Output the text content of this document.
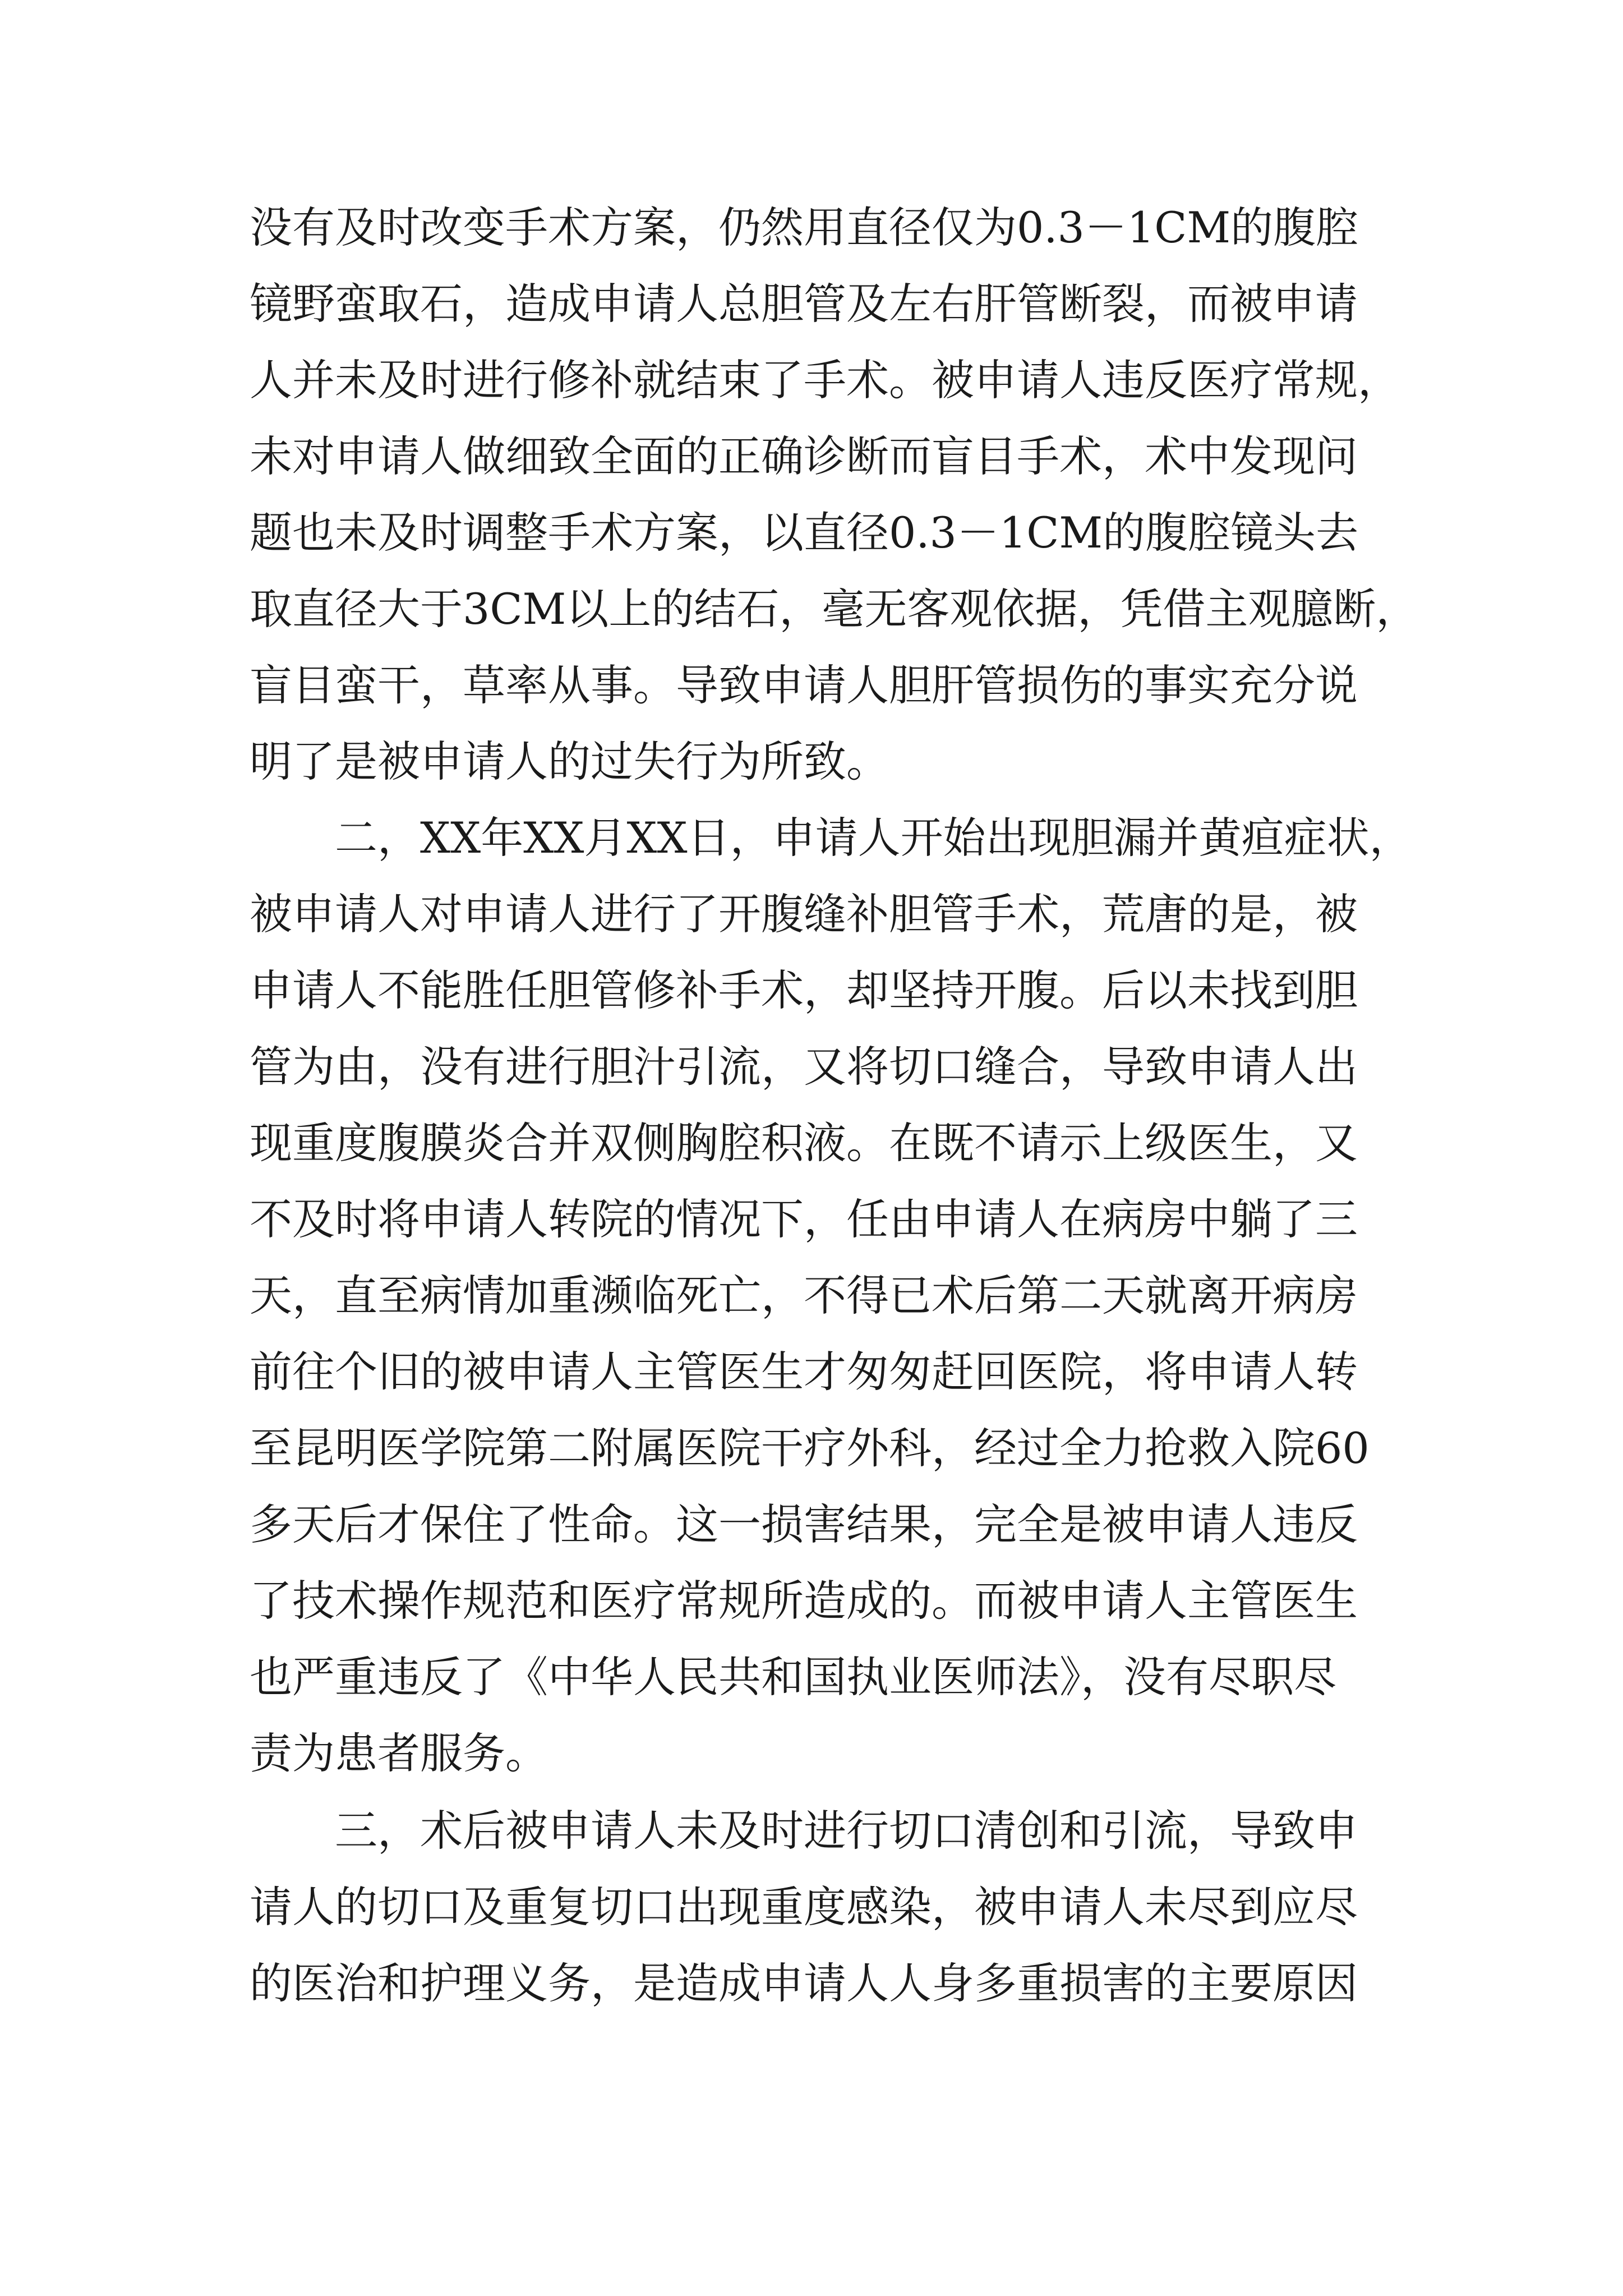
没有及时改变手术方案，仍然用直径仅为0.3－1CM的腹腔
镜野蛮取石，造成申请人总胆管及左右肝管断裂，而被申请
人并未及时进行修补就结束了手术。被申请人违反医疗常规，
未对申请人做细致全面的正确诊断而盲目手术，术中发现问
题也未及时调整手术方案，以直径0.3－1CM的腹腔镜头去
取直径大于3CM以上的结石，毫无客观依据，凭借主观臆断，
盲目蛮干，草率从事。导致申请人胆肝管损伤的事实充分说
明了是被申请人的过失行为所致。
二，XX年XX月XX日，申请人开始出现胆漏并黄疸症状，
被申请人对申请人进行了开腹缝补胆管手术，荒唐的是，被
申请人不能胜任胆管修补手术，却坚持开腹。后以未找到胆
管为由，没有进行胆汁引流，又将切口缝合，导致申请人出
现重度腹膜炎合并双侧胸腔积液。在既不请示上级医生，又
不及时将申请人转院的情况下，任由申请人在病房中躺了三
天，直至病情加重濒临死亡，不得已术后第二天就离开病房
前往个旧的被申请人主管医生才匆匆赶回医院，将申请人转
至昆明医学院第二附属医院干疗外科，经过全力抢救入院60
多天后才保住了性命。这一损害结果，完全是被申请人违反
了技术操作规范和医疗常规所造成的。而被申请人主管医生
也严重违反了《中华人民共和国执业医师法》，没有尽职尽
责为患者服务。
三，术后被申请人未及时进行切口清创和引流，导致申
请人的切口及重复切口出现重度感染，被申请人未尽到应尽
的医治和护理义务，是造成申请人人身多重损害的主要原因
